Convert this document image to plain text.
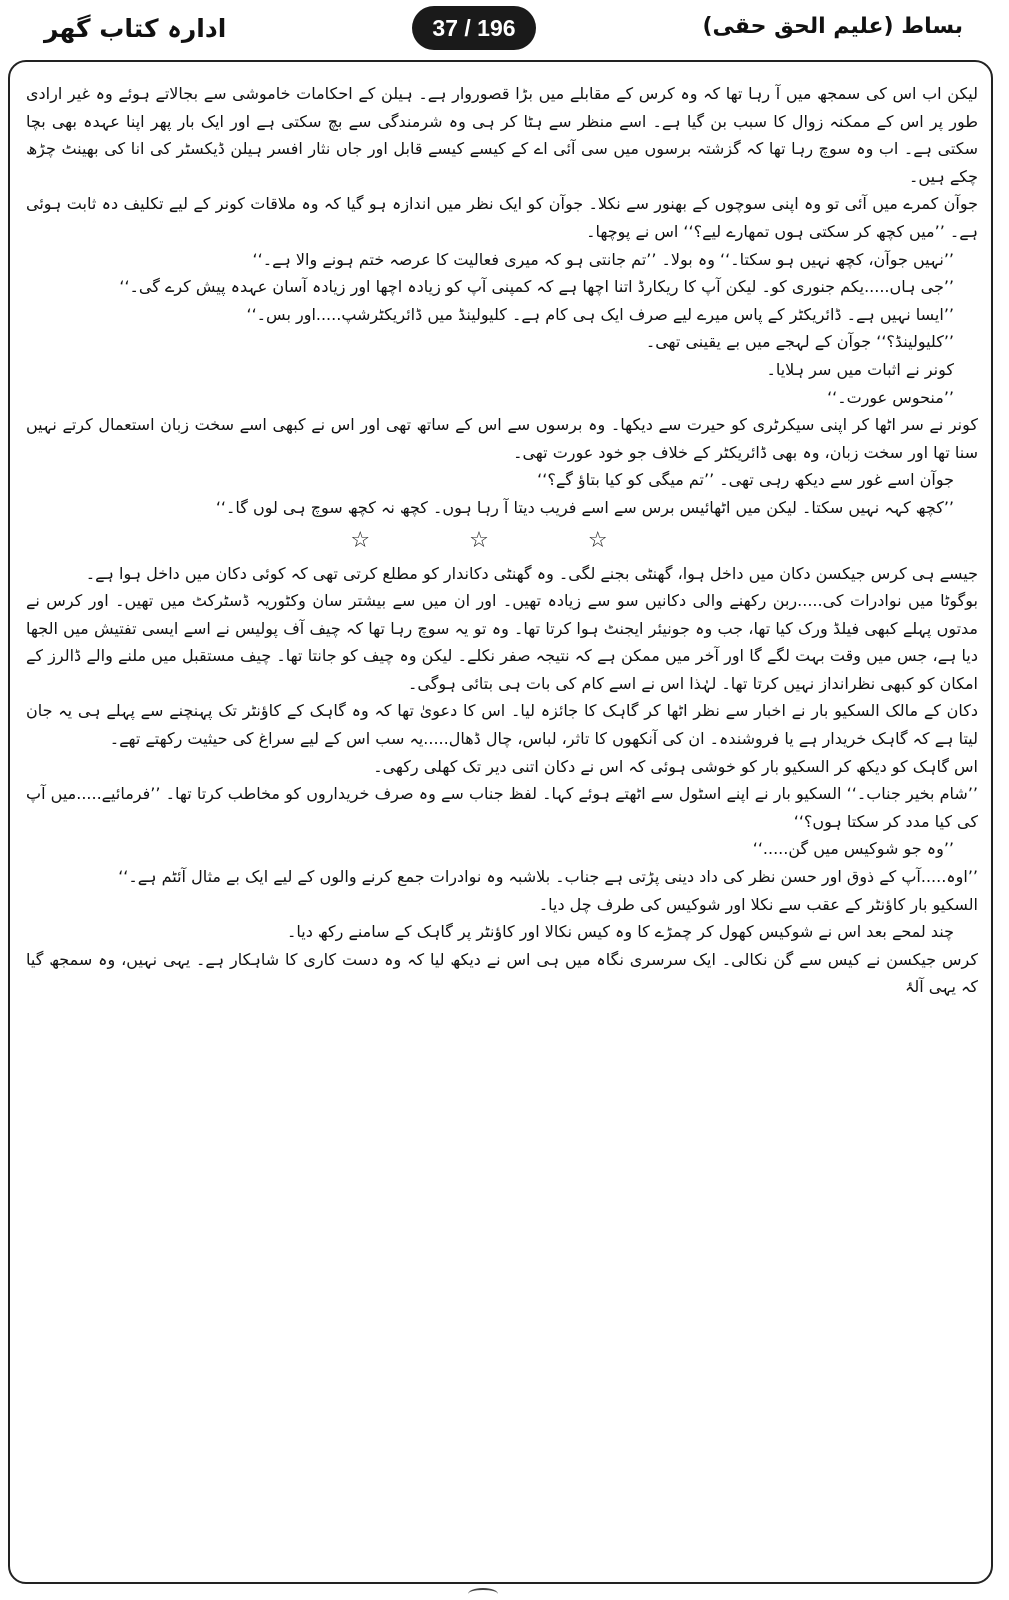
ادارہ کتاب گھر	37 / 196	بساط (علیم الحق حقی)

لیکن اب اس کی سمجھ میں آ رہا تھا کہ وہ کرس کے مقابلے میں بڑا قصوروار ہے۔ ہیلن کے احکامات خاموشی سے بجالاتے ہوئے وہ غیر ارادی طور پر اس کے ممکنہ زوال کا سبب بن گیا ہے۔ اسے منظر سے ہٹا کر ہی وہ شرمندگی سے بچ سکتی ہے اور ایک بار پھر اپنا عہدہ بھی بچا سکتی ہے۔ اب وہ سوچ رہا تھا کہ گزشتہ برسوں میں سی آئی اے کے کیسے کیسے قابل اور جاں نثار افسر ہیلن ڈیکسٹر کی انا کی بھینٹ چڑھ چکے ہیں۔

جوآن کمرے میں آئی تو وہ اپنی سوچوں کے بھنور سے نکلا۔ جوآن کو ایک نظر میں اندازہ ہو گیا کہ وہ ملاقات کونر کے لیے تکلیف دہ ثابت ہوئی ہے۔ ’’میں کچھ کر سکتی ہوں تمھارے لیے؟‘‘ اس نے پوچھا۔

’’نہیں جوآن، کچھ نہیں ہو سکتا۔‘‘ وہ بولا۔ ’’تم جانتی ہو کہ میری فعالیت کا عرصہ ختم ہونے والا ہے۔‘‘

’’جی ہاں.....یکم جنوری کو۔ لیکن آپ کا ریکارڈ اتنا اچھا ہے کہ کمپنی آپ کو زیادہ اچھا اور زیادہ آسان عہدہ پیش کرے گی۔‘‘

’’ایسا نہیں ہے۔ ڈائریکٹر کے پاس میرے لیے صرف ایک ہی کام ہے۔ کلیولینڈ میں ڈائریکٹرشپ.....اور بس۔‘‘

’’کلیولینڈ؟‘‘ جوآن کے لہجے میں بے یقینی تھی۔

کونر نے اثبات میں سر ہلایا۔

’’منحوس عورت۔‘‘

کونر نے سر اٹھا کر اپنی سیکرٹری کو حیرت سے دیکھا۔ وہ برسوں سے اس کے ساتھ تھی اور اس نے کبھی اسے سخت زبان استعمال کرتے نہیں سنا تھا اور سخت زبان، وہ بھی ڈائریکٹر کے خلاف جو خود عورت تھی۔

جوآن اسے غور سے دیکھ رہی تھی۔ ’’تم میگی کو کیا بتاؤ گے؟‘‘

’’کچھ کہہ نہیں سکتا۔ لیکن میں اٹھائیس برس سے اسے فریب دیتا آ رہا ہوں۔ کچھ نہ کچھ سوچ ہی لوں گا۔‘‘

☆ ☆ ☆

جیسے ہی کرس جیکسن دکان میں داخل ہوا، گھنٹی بجنے لگی۔ وہ گھنٹی دکاندار کو مطلع کرتی تھی کہ کوئی دکان میں داخل ہوا ہے۔

بوگوٹا میں نوادرات کی.....ربن رکھنے والی دکانیں سو سے زیادہ تھیں۔ اور ان میں سے بیشتر سان وکٹوریہ ڈسٹرکٹ میں تھیں۔ اور کرس نے مدتوں پہلے کبھی فیلڈ ورک کیا تھا، جب وہ جونیئر ایجنٹ ہوا کرتا تھا۔ وہ تو یہ سوچ رہا تھا کہ چیف آف پولیس نے اسے ایسی تفتیش میں الجھا دیا ہے، جس میں وقت بہت لگے گا اور آخر میں ممکن ہے کہ نتیجہ صفر نکلے۔ لیکن وہ چیف کو جانتا تھا۔ چیف مستقبل میں ملنے والے ڈالرز کے امکان کو کبھی نظرانداز نہیں کرتا تھا۔ لہٰذا اس نے اسے کام کی بات ہی بتائی ہوگی۔

دکان کے مالک السکیو بار نے اخبار سے نظر اٹھا کر گاہک کا جائزہ لیا۔ اس کا دعویٰ تھا کہ وہ گاہک کے کاؤنٹر تک پہنچنے سے پہلے ہی یہ جان لیتا ہے کہ گاہک خریدار ہے یا فروشندہ۔ ان کی آنکھوں کا تاثر، لباس، چال ڈھال.....یہ سب اس کے لیے سراغ کی حیثیت رکھتے تھے۔

اس گاہک کو دیکھ کر السکیو بار کو خوشی ہوئی کہ اس نے دکان اتنی دیر تک کھلی رکھی۔

’’شام بخیر جناب۔‘‘ السکیو بار نے اپنے اسٹول سے اٹھتے ہوئے کہا۔ لفظ جناب سے وہ صرف خریداروں کو مخاطب کرتا تھا۔ ’’فرمائیے.....میں آپ کی کیا مدد کر سکتا ہوں؟‘‘

’’وہ جو شوکیس میں گن.....‘‘

’’اوہ.....آپ کے ذوق اور حسن نظر کی داد دینی پڑتی ہے جناب۔ بلاشبہ وہ نوادرات جمع کرنے والوں کے لیے ایک بے مثال آئٹم ہے۔‘‘

السکیو بار کاؤنٹر کے عقب سے نکلا اور شوکیس کی طرف چل دیا۔

چند لمحے بعد اس نے شوکیس کھول کر چمڑے کا وہ کیس نکالا اور کاؤنٹر پر گاہک کے سامنے رکھ دیا۔

کرس جیکسن نے کیس سے گن نکالی۔ ایک سرسری نگاہ میں ہی اس نے دیکھ لیا کہ وہ دست کاری کا شاہکار ہے۔ یہی نہیں، وہ سمجھ گیا کہ یہی آلۂ
